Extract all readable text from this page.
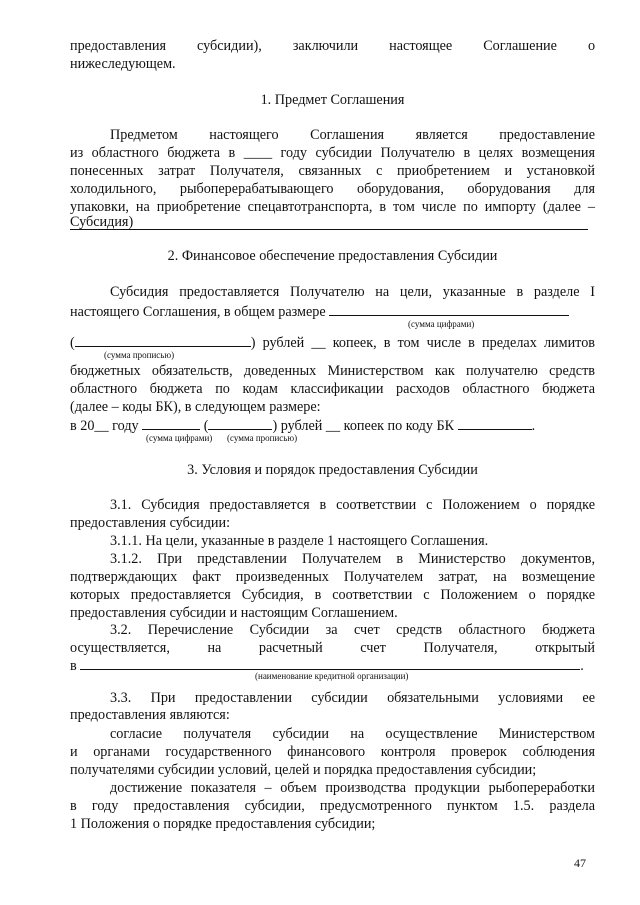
предоставления субсидии), заключили настоящее Соглашение о
нижеследующем.
1. Предмет Соглашения
Предметом настоящего Соглашения является предоставление
из областного бюджета в ____ году субсидии Получателю в целях возмещения
понесенных затрат Получателя, связанных с приобретением и установкой
холодильного, рыбоперерабатывающего оборудования, оборудования для
упаковки, на приобретение спецавтотранспорта, в том числе по импорту (далее –
Субсидия)
2. Финансовое обеспечение предоставления Субсидии
Субсидия предоставляется Получателю на цели, указанные в разделе I
настоящего Соглашения, в общем размере
(сумма цифрами)
(	) рублей __ копеек, в том числе в пределах лимитов
(сумма прописью)
бюджетных обязательств, доведенных Министерством как получателю средств
областного бюджета по кодам классификации расходов областного бюджета
(далее – коды БК), в следующем размере:
в 20__ году	(	) рублей __ копеек по коду БК	.
(сумма цифрами) (сумма прописью)
3. Условия и порядок предоставления Субсидии
3.1. Субсидия предоставляется в соответствии с Положением о порядке
предоставления субсидии:
3.1.1. На цели, указанные в разделе 1 настоящего Соглашения.
3.1.2. При представлении Получателем в Министерство документов,
подтверждающих факт произведенных Получателем затрат, на возмещение
которых предоставляется Субсидия, в соответствии с Положением о порядке
предоставления субсидии и настоящим Соглашением.
3.2. Перечисление Субсидии за счет средств областного бюджета
осуществляется,	на	расчетный	счет	Получателя,	открытый
в	.
(наименование кредитной организации)
3.3. При предоставлении субсидии обязательными условиями ее
предоставления являются:
согласие получателя субсидии на осуществление Министерством
и органами государственного финансового контроля проверок соблюдения
получателями субсидии условий, целей и порядка предоставления субсидии;
достижение показателя – объем производства продукции рыбопереработки
в году предоставления субсидии, предусмотренного пунктом 1.5. раздела
1 Положения о порядке предоставления субсидии;
47
